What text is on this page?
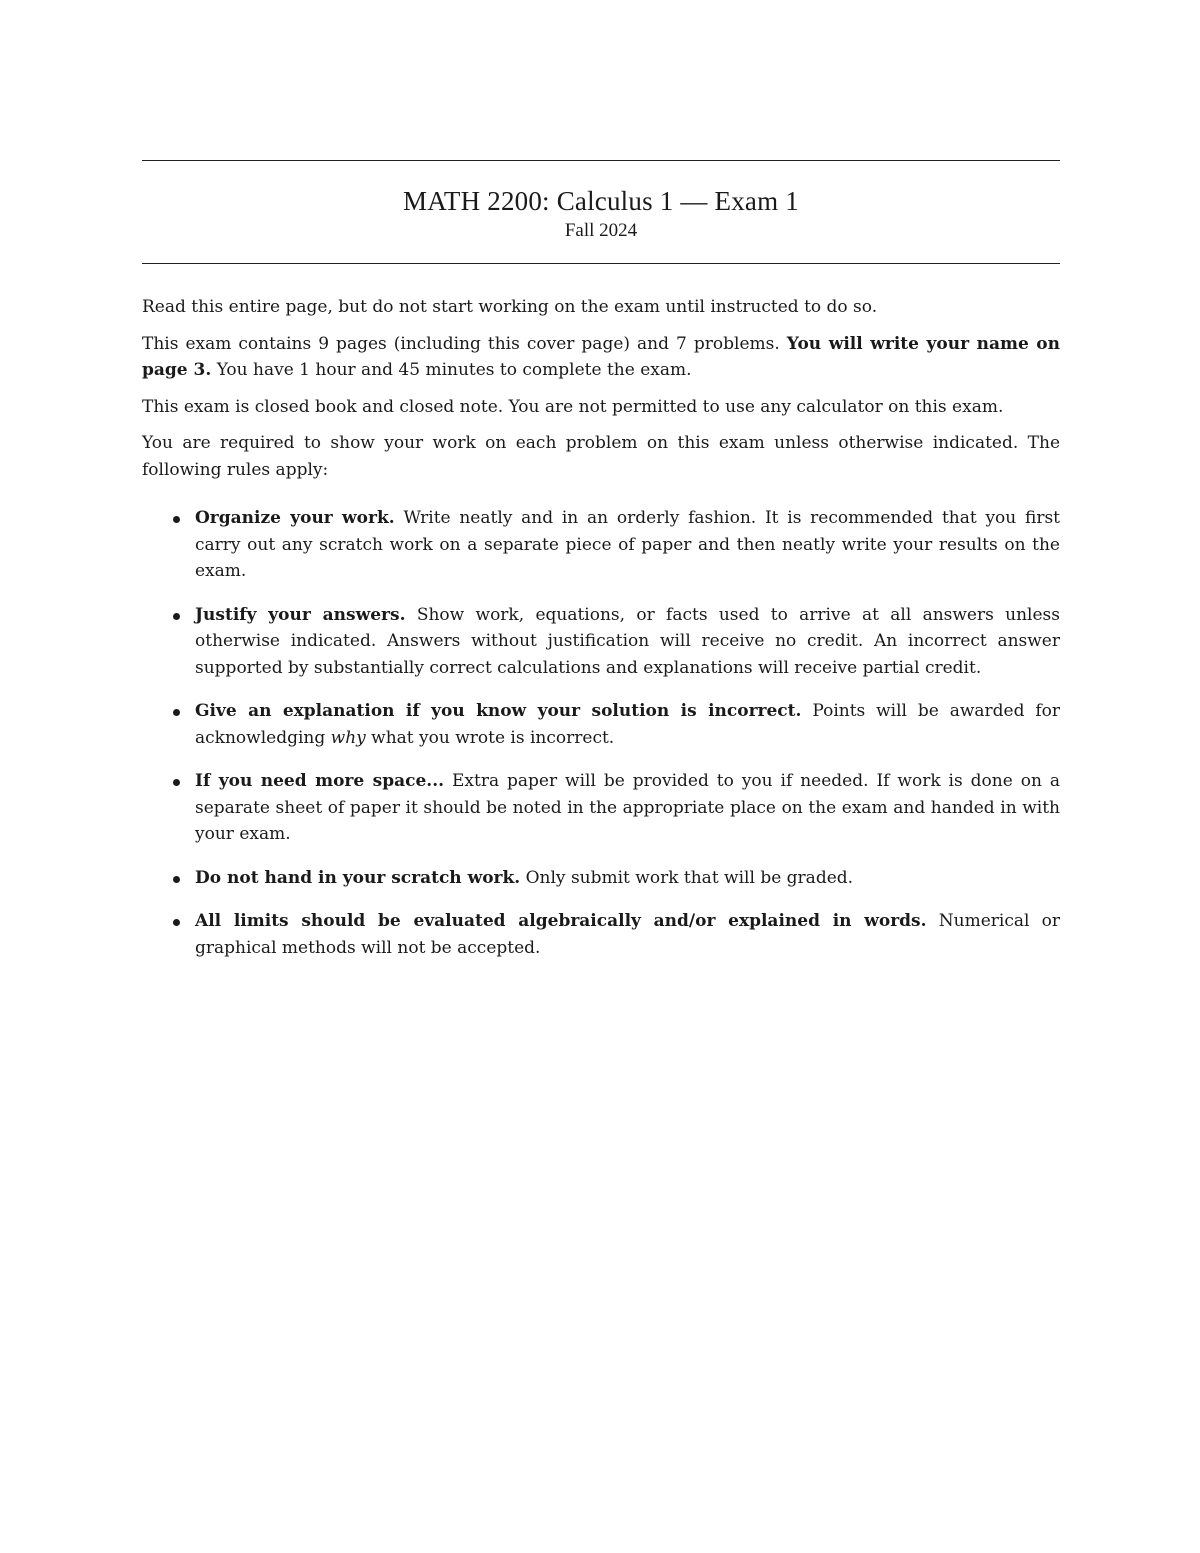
MATH 2200: Calculus 1 — Exam 1
Fall 2024

Read this entire page, but do not start working on the exam until instructed to do so.

This exam contains 9 pages (including this cover page) and 7 problems. You will write your name on page 3. You have 1 hour and 45 minutes to complete the exam.

This exam is closed book and closed note. You are not permitted to use any calculator on this exam.

You are required to show your work on each problem on this exam unless otherwise indicated. The following rules apply:

Organize your work. Write neatly and in an orderly fashion. It is recommended that you first carry out any scratch work on a separate piece of paper and then neatly write your results on the exam.
Justify your answers. Show work, equations, or facts used to arrive at all answers unless otherwise indicated. Answers without justification will receive no credit. An incorrect answer supported by substantially correct calculations and explanations will receive partial credit.
Give an explanation if you know your solution is incorrect. Points will be awarded for acknowledging why what you wrote is incorrect.
If you need more space... Extra paper will be provided to you if needed. If work is done on a separate sheet of paper it should be noted in the appropriate place on the exam and handed in with your exam.
Do not hand in your scratch work. Only submit work that will be graded.
All limits should be evaluated algebraically and/or explained in words. Numerical or graphical methods will not be accepted.
